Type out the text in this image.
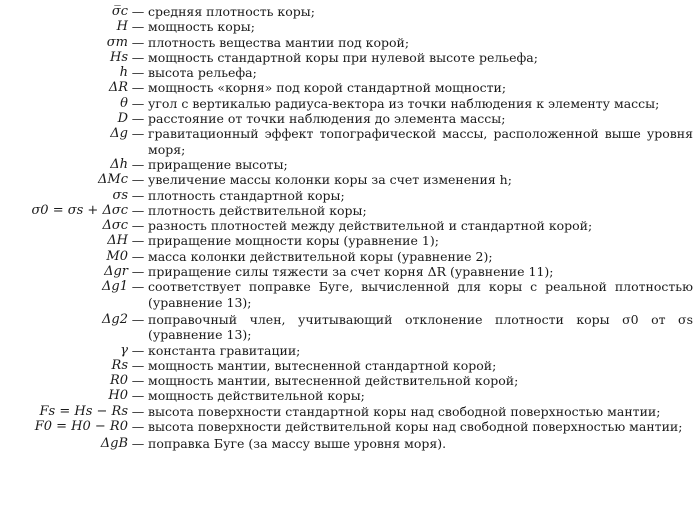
σ̅c — средняя плотность коры;
H — мощность коры;
σm — плотность вещества мантии под корой;
Hs — мощность стандартной коры при нулевой высоте рельефа;
h — высота рельефа;
ΔR — мощность «корня» под корой стандартной мощности;
θ — угол с вертикалью радиуса-вектора из точки наблюдения к элементу массы;
D — расстояние от точки наблюдения до элемента массы;
Δg — гравитационный эффект топографической массы, расположенной выше уровня моря;
Δh — приращение высоты;
ΔMc — увеличение массы колонки коры за счет изменения h;
σs — плотность стандартной коры;
σ0 = σs + Δσc — плотность действительной коры;
Δσc — разность плотностей между действительной и стандартной корой;
ΔH — приращение мощности коры (уравнение 1);
M0 — масса колонки действительной коры (уравнение 2);
Δgr — приращение силы тяжести за счет корня ΔR (уравнение 11);
Δg1 — соответствует поправке Буге, вычисленной для коры с реальной плотностью (уравнение 13);
Δg2 — поправочный член, учитывающий отклонение плотности коры σ0 от σs (уравнение 13);
γ — константа гравитации;
Rs — мощность мантии, вытесненной стандартной корой;
R0 — мощность мантии, вытесненной действительной корой;
H0 — мощность действительной коры;
Fs = Hs − Rs — высота поверхности стандартной коры над свободной поверхностью мантии;
F0 = H0 − R0 — высота поверхности действительной коры над свободной поверхностью мантии;
ΔgB — поправка Буге (за массу выше уровня моря).
